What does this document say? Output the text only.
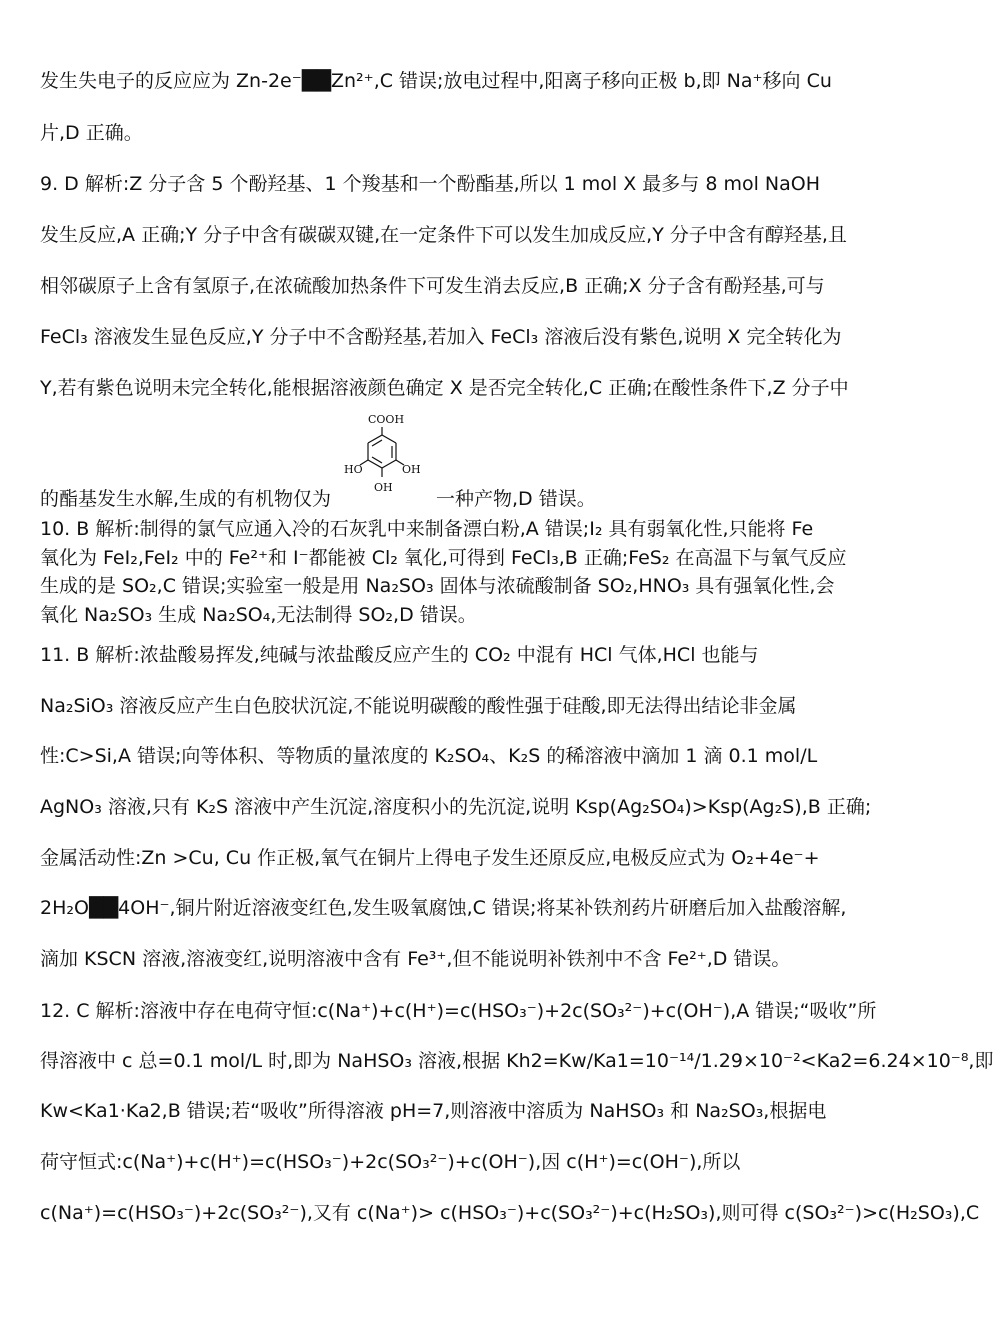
发生失电子的反应应为 Zn-2e⁻██Zn²⁺,C 错误;放电过程中,阳离子移向正极 b,即 Na⁺移向 Cu
片,D 正确。
9. D 解析:Z 分子含 5 个酚羟基、1 个羧基和一个酚酯基,所以 1 mol X 最多与 8 mol NaOH
发生反应,A 正确;Y 分子中含有碳碳双键,在一定条件下可以发生加成反应,Y 分子中含有醇羟基,且
相邻碳原子上含有氢原子,在浓硫酸加热条件下可发生消去反应,B 正确;X 分子含有酚羟基,可与
FeCl₃ 溶液发生显色反应,Y 分子中不含酚羟基,若加入 FeCl₃ 溶液后没有紫色,说明 X 完全转化为
Y,若有紫色说明未完全转化,能根据溶液颜色确定 X 是否完全转化,C 正确;在酸性条件下,Z 分子中
的酯基发生水解,生成的有机物仅为
COOH
HO	OH
OH
一种产物,D 错误。
10. B 解析:制得的氯气应通入冷的石灰乳中来制备漂白粉,A 错误;I₂ 具有弱氧化性,只能将 Fe
氧化为 FeI₂,FeI₂ 中的 Fe²⁺和 I⁻都能被 Cl₂ 氧化,可得到 FeCl₃,B 正确;FeS₂ 在高温下与氧气反应
生成的是 SO₂,C 错误;实验室一般是用 Na₂SO₃ 固体与浓硫酸制备 SO₂,HNO₃ 具有强氧化性,会
氧化 Na₂SO₃ 生成 Na₂SO₄,无法制得 SO₂,D 错误。
11. B 解析:浓盐酸易挥发,纯碱与浓盐酸反应产生的 CO₂ 中混有 HCl 气体,HCl 也能与
Na₂SiO₃ 溶液反应产生白色胶状沉淀,不能说明碳酸的酸性强于硅酸,即无法得出结论非金属
性:C>Si,A 错误;向等体积、等物质的量浓度的 K₂SO₄、K₂S 的稀溶液中滴加 1 滴 0.1 mol/L
AgNO₃ 溶液,只有 K₂S 溶液中产生沉淀,溶度积小的先沉淀,说明 Ksp(Ag₂SO₄)>Ksp(Ag₂S),B 正确;
金属活动性:Zn >Cu, Cu 作正极,氧气在铜片上得电子发生还原反应,电极反应式为 O₂+4e⁻+
2H₂O██4OH⁻,铜片附近溶液变红色,发生吸氧腐蚀,C 错误;将某补铁剂药片研磨后加入盐酸溶解,
滴加 KSCN 溶液,溶液变红,说明溶液中含有 Fe³⁺,但不能说明补铁剂中不含 Fe²⁺,D 错误。
12. C 解析:溶液中存在电荷守恒:c(Na⁺)+c(H⁺)=c(HSO₃⁻)+2c(SO₃²⁻)+c(OH⁻),A 错误;“吸收”所
得溶液中 c 总=0.1 mol/L 时,即为 NaHSO₃ 溶液,根据 Kh2=Kw/Ka1=10⁻¹⁴/1.29×10⁻²<Ka2=6.24×10⁻⁸,即
Kw<Ka1·Ka2,B 错误;若“吸收”所得溶液 pH=7,则溶液中溶质为 NaHSO₃ 和 Na₂SO₃,根据电
荷守恒式:c(Na⁺)+c(H⁺)=c(HSO₃⁻)+2c(SO₃²⁻)+c(OH⁻),因 c(H⁺)=c(OH⁻),所以
c(Na⁺)=c(HSO₃⁻)+2c(SO₃²⁻),又有 c(Na⁺)> c(HSO₃⁻)+c(SO₃²⁻)+c(H₂SO₃),则可得 c(SO₃²⁻)>c(H₂SO₃),C
